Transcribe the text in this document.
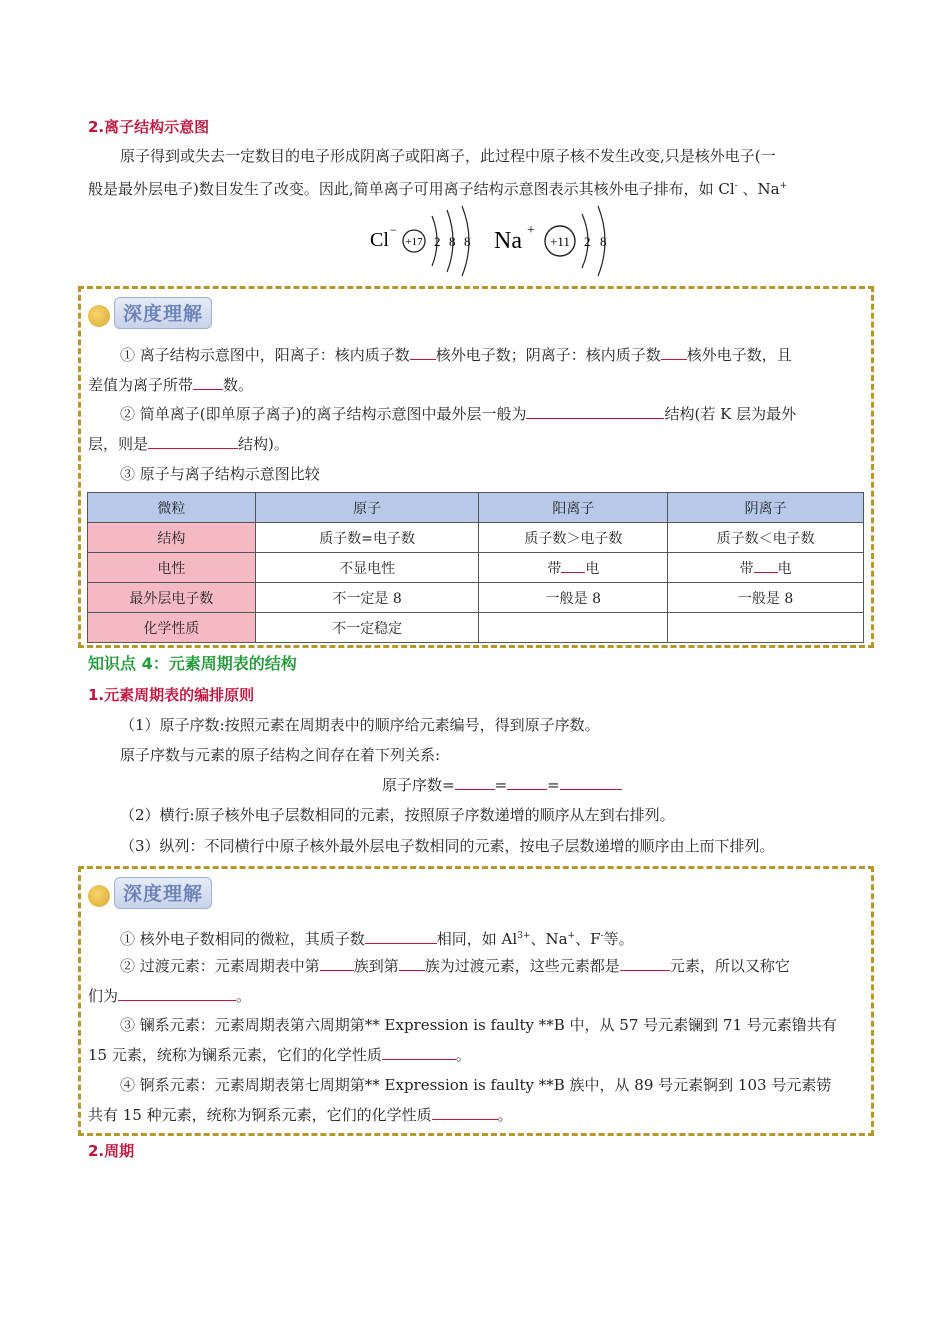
2.离子结构示意图
原子得到或失去一定数目的电子形成阴离子或阳离子，此过程中原子核不发生改变,只是核外电子(一
般是最外层电子)数目发生了改变。因此,简单离子可用离子结构示意图表示其核外电子排布，如 Cl- 、Na+
Cl −
+17 2 8 8 Na +
+11 2 8
深度理解
① 离子结构示意图中，阳离子：核内质子数 核外电子数；阴离子：核内质子数 核外电子数，且
差值为离子所带 数。
② 简单离子(即单原子离子)的离子结构示意图中最外层一般为	结构(若 K 层为最外
层，则是	结构)。
③ 原子与离子结构示意图比较
微粒	原子	阳离子	阴离子
结构	质子数=电子数	质子数＞电子数	质子数＜电子数
电性	不显电性	带 电	带 电
最外层电子数	不一定是 8	一般是 8	一般是 8
化学性质	不一定稳定		
知识点 4：元素周期表的结构
1.元素周期表的编排原则
（1）原子序数:按照元素在周期表中的顺序给元素编号，得到原子序数。
原子序数与元素的原子结构之间存在着下列关系:
原子序数=	=	=
（2）横行:原子核外电子层数相同的元素，按照原子序数递增的顺序从左到右排列。
（3）纵列：不同横行中原子核外最外层电子数相同的元素，按电子层数递增的顺序由上而下排列。
深度理解
① 核外电子数相同的微粒，其质子数	相同，如 $Al^{3+}$、Na+、F-等。
② 过渡元素：元素周期表中第 族到第 族为过渡元素，这些元素都是	元素，所以又称它
们为	。
③ 镧系元素：元素周期表第六周期第** Expression is faulty **B 中，从 57 号元素镧到 71 号元素镥共有
15 元素，统称为镧系元素，它们的化学性质	。
④ 锕系元素：元素周期表第七周期第** Expression is faulty **B 族中，从 89 号元素锕到 103 号元素铹
共有 15 种元素，统称为锕系元素，它们的化学性质	。
2.周期
